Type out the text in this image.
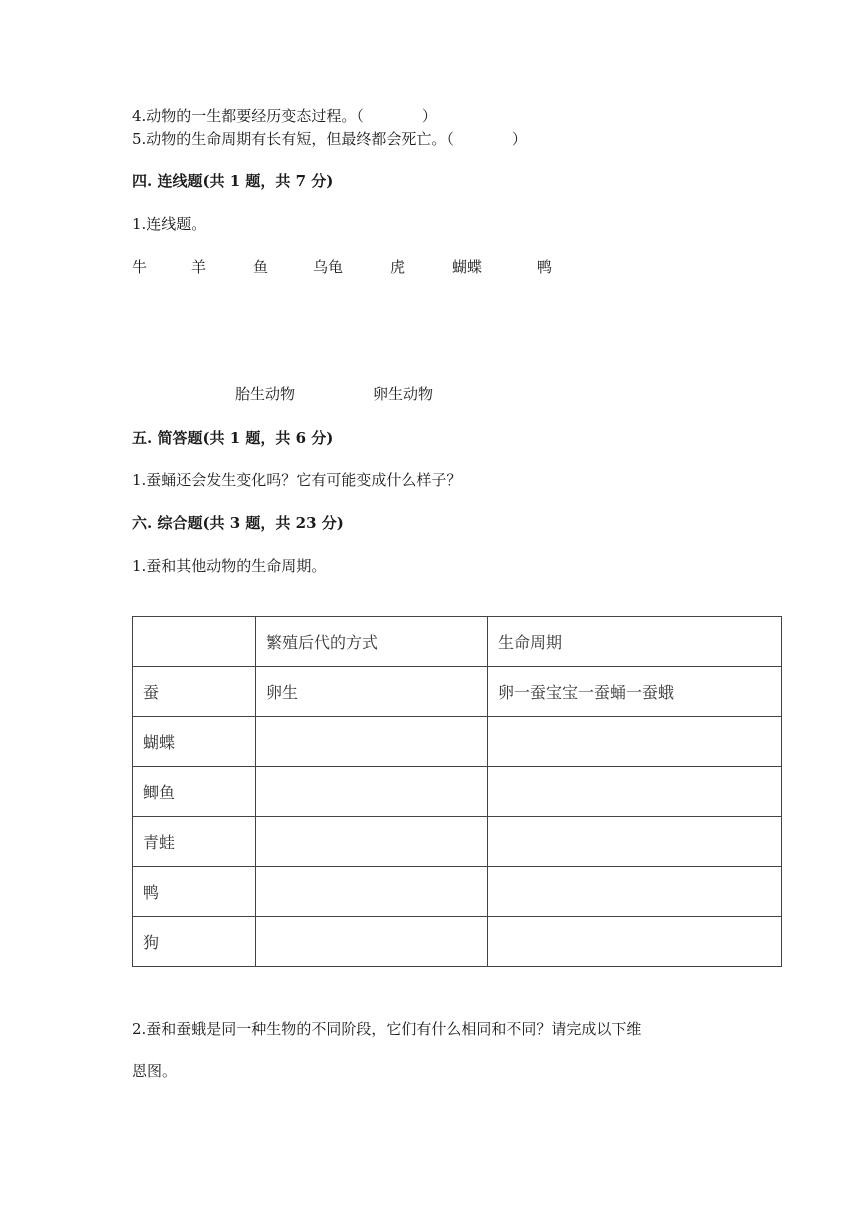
4.动物的一生都要经历变态过程。（	）
5.动物的生命周期有长有短，但最终都会死亡。（	）
四. 连线题(共 1 题，共 7 分)
1.连线题。
牛	羊	鱼	乌龟	虎	蝴蝶	鸭
胎生动物	卵生动物
五. 简答题(共 1 题，共 6 分)
1.蚕蛹还会发生变化吗？它有可能变成什么样子？
六. 综合题(共 3 题，共 23 分)
1.蚕和其他动物的生命周期。
	繁殖后代的方式	生命周期
蚕	卵生	卵一蚕宝宝一蚕蛹一蚕蛾
蝴蝶		
鲫鱼		
青蛙		
鸭		
狗		
2.蚕和蚕蛾是同一种生物的不同阶段，它们有什么相同和不同？请完成以下维
恩图。
